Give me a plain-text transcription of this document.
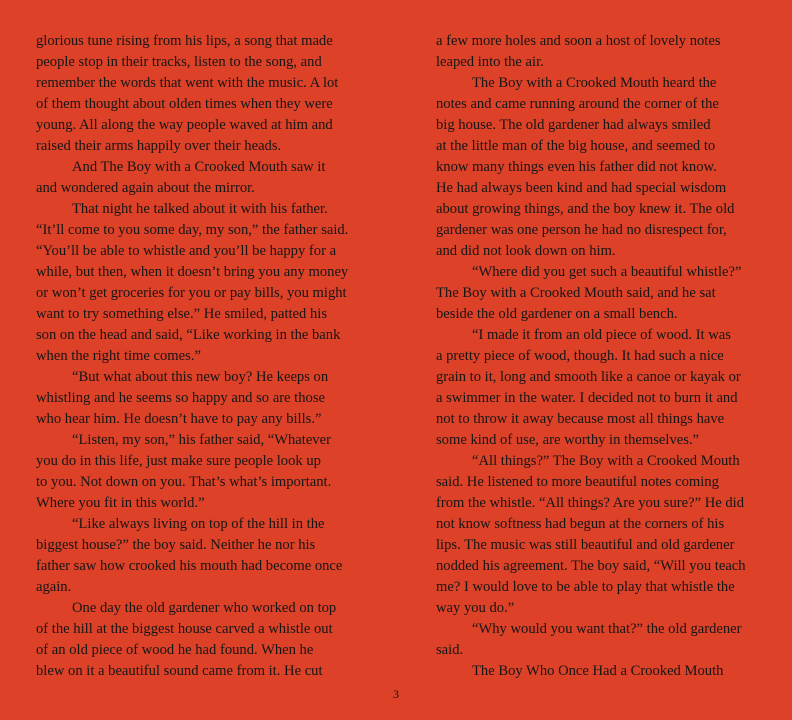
glorious tune rising from his lips, a song that made
people stop in their tracks, listen to the song, and
remember the words that went with the music. A lot
of them thought about olden times when they were
young. All along the way people waved at him and
raised their arms happily over their heads.
And The Boy with a Crooked Mouth saw it
and wondered again about the mirror.
That night he talked about it with his father.
“It’ll come to you some day, my son,” the father said.
“You’ll be able to whistle and you’ll be happy for a
while, but then, when it doesn’t bring you any money
or won’t get groceries for you or pay bills, you might
want to try something else.” He smiled, patted his
son on the head and said, “Like working in the bank
when the right time comes.”
“But what about this new boy? He keeps on
whistling and he seems so happy and so are those
who hear him. He doesn’t have to pay any bills.”
“Listen, my son,” his father said, “Whatever
you do in this life, just make sure people look up
to you. Not down on you. That’s what’s important.
Where you fit in this world.”
“Like always living on top of the hill in the
biggest house?” the boy said. Neither he nor his
father saw how crooked his mouth had become once
again.
One day the old gardener who worked on top
of the hill at the biggest house carved a whistle out
of an old piece of wood he had found. When he
blew on it a beautiful sound came from it. He cut
a few more holes and soon a host of lovely notes
leaped into the air.
The Boy with a Crooked Mouth heard the
notes and came running around the corner of the
big house. The old gardener had always smiled
at the little man of the big house, and seemed to
know many things even his father did not know.
He had always been kind and had special wisdom
about growing things, and the boy knew it. The old
gardener was one person he had no disrespect for,
and did not look down on him.
“Where did you get such a beautiful whistle?”
The Boy with a Crooked Mouth said, and he sat
beside the old gardener on a small bench.
“I made it from an old piece of wood. It was
a pretty piece of wood, though. It had such a nice
grain to it, long and smooth like a canoe or kayak or
a swimmer in the water. I decided not to burn it and
not to throw it away because most all things have
some kind of use, are worthy in themselves.”
“All things?” The Boy with a Crooked Mouth
said. He listened to more beautiful notes coming
from the whistle. “All things? Are you sure?” He did
not know softness had begun at the corners of his
lips. The music was still beautiful and old gardener
nodded his agreement. The boy said, “Will you teach
me? I would love to be able to play that whistle the
way you do.”
“Why would you want that?” the old gardener
said.
The Boy Who Once Had a Crooked Mouth
3
